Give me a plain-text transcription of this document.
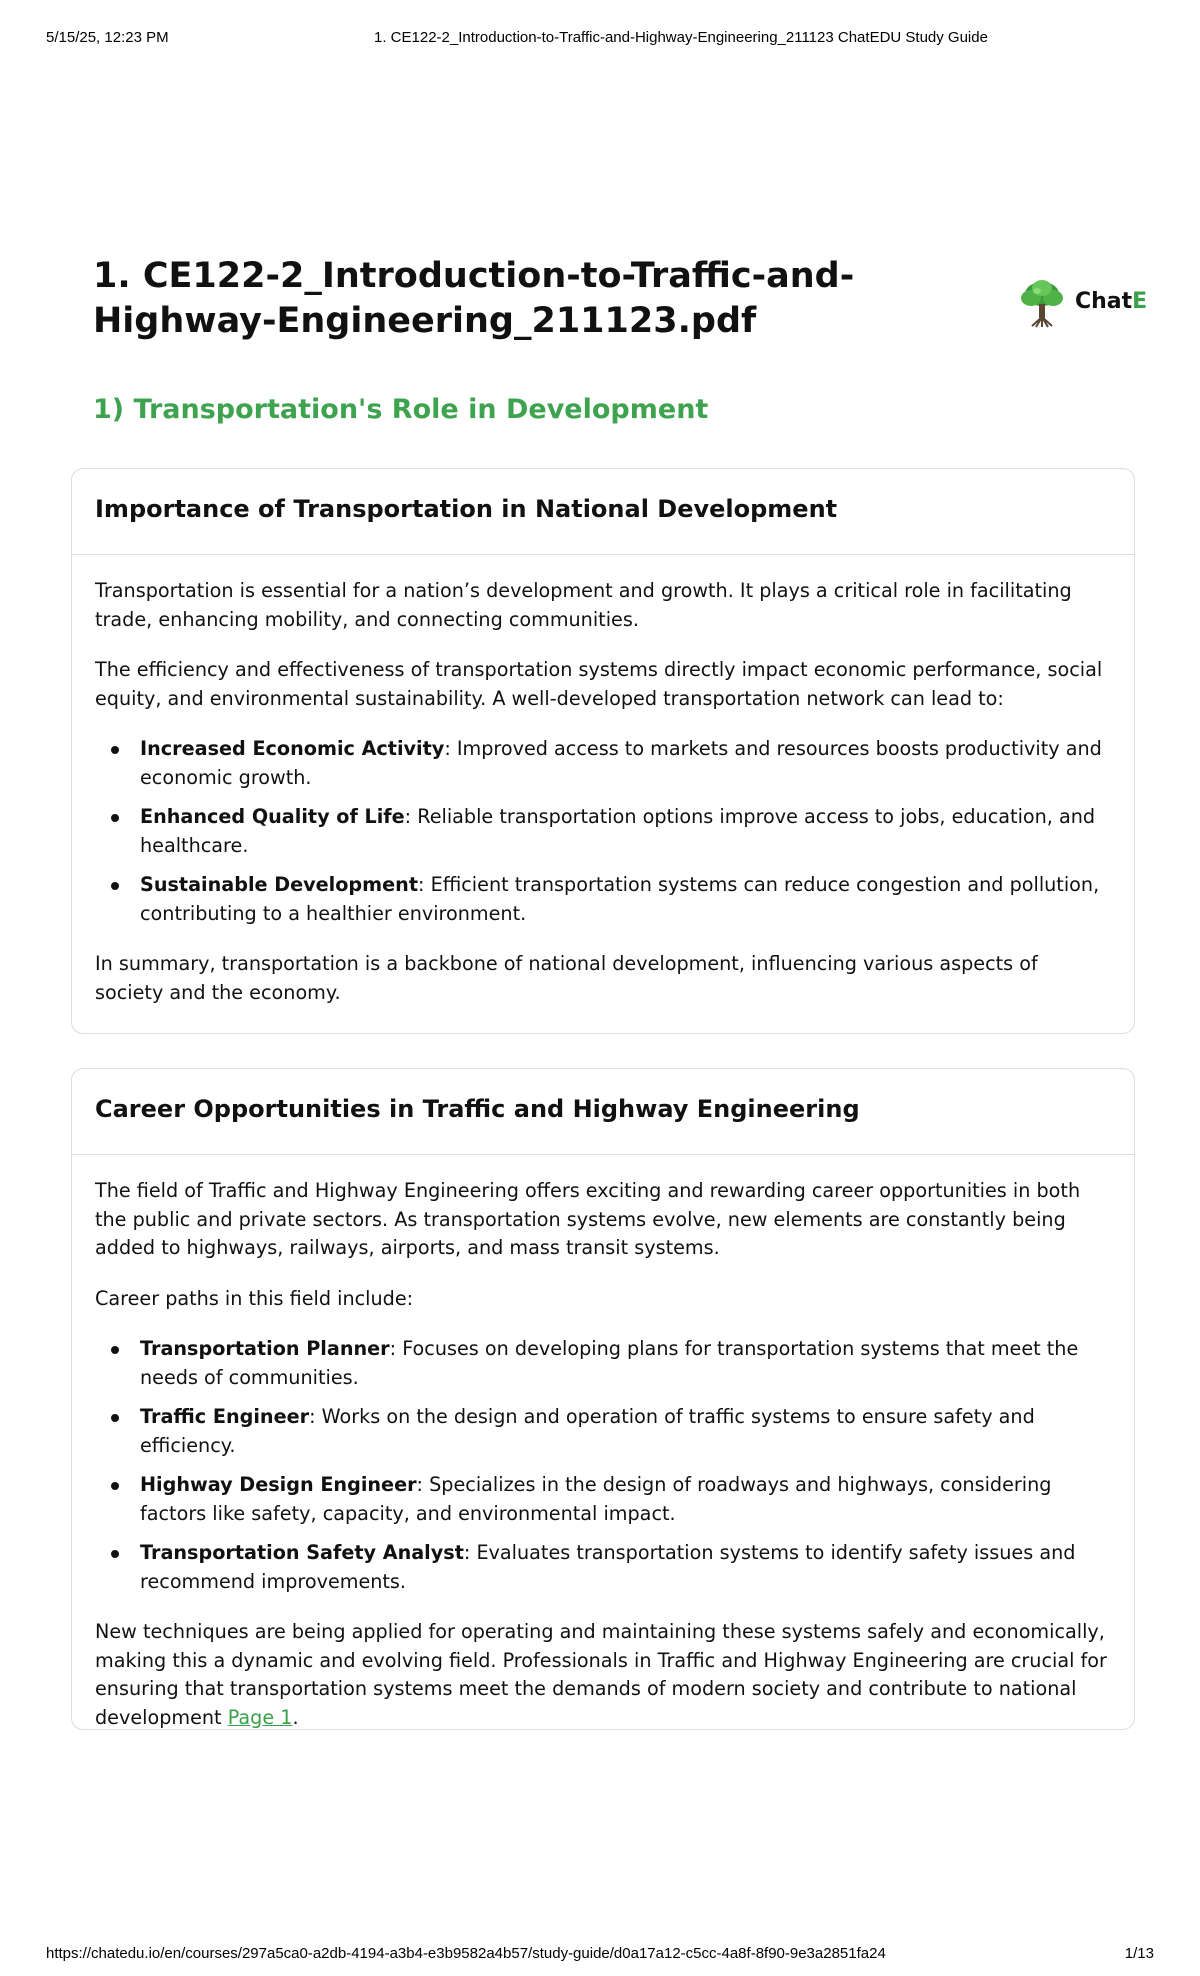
5/15/25, 12:23 PM	1. CE122-2_Introduction-to-Traffic-and-Highway-Engineering_211123 ChatEDU Study Guide
1. CE122-2_Introduction-to-Traffic-and-Highway-Engineering_211123.pdf	ChatE
1) Transportation's Role in Development
Importance of Transportation in National Development

Transportation is essential for a nation’s development and growth. It plays a critical role in facilitating trade, enhancing mobility, and connecting communities.

The efficiency and effectiveness of transportation systems directly impact economic performance, social equity, and environmental sustainability. A well-developed transportation network can lead to:

Increased Economic Activity: Improved access to markets and resources boosts productivity and economic growth.
Enhanced Quality of Life: Reliable transportation options improve access to jobs, education, and healthcare.
Sustainable Development: Efficient transportation systems can reduce congestion and pollution, contributing to a healthier environment.

In summary, transportation is a backbone of national development, influencing various aspects of society and the economy.

Career Opportunities in Traffic and Highway Engineering

The field of Traffic and Highway Engineering offers exciting and rewarding career opportunities in both the public and private sectors. As transportation systems evolve, new elements are constantly being added to highways, railways, airports, and mass transit systems.

Career paths in this field include:

Transportation Planner: Focuses on developing plans for transportation systems that meet the needs of communities.
Traffic Engineer: Works on the design and operation of traffic systems to ensure safety and efficiency.
Highway Design Engineer: Specializes in the design of roadways and highways, considering factors like safety, capacity, and environmental impact.
Transportation Safety Analyst: Evaluates transportation systems to identify safety issues and recommend improvements.

New techniques are being applied for operating and maintaining these systems safely and economically, making this a dynamic and evolving field. Professionals in Traffic and Highway Engineering are crucial for ensuring that transportation systems meet the demands of modern society and contribute to national development Page 1.

https://chatedu.io/en/courses/297a5ca0-a2db-4194-a3b4-e3b9582a4b57/study-guide/d0a17a12-c5cc-4a8f-8f90-9e3a2851fa24	1/13
